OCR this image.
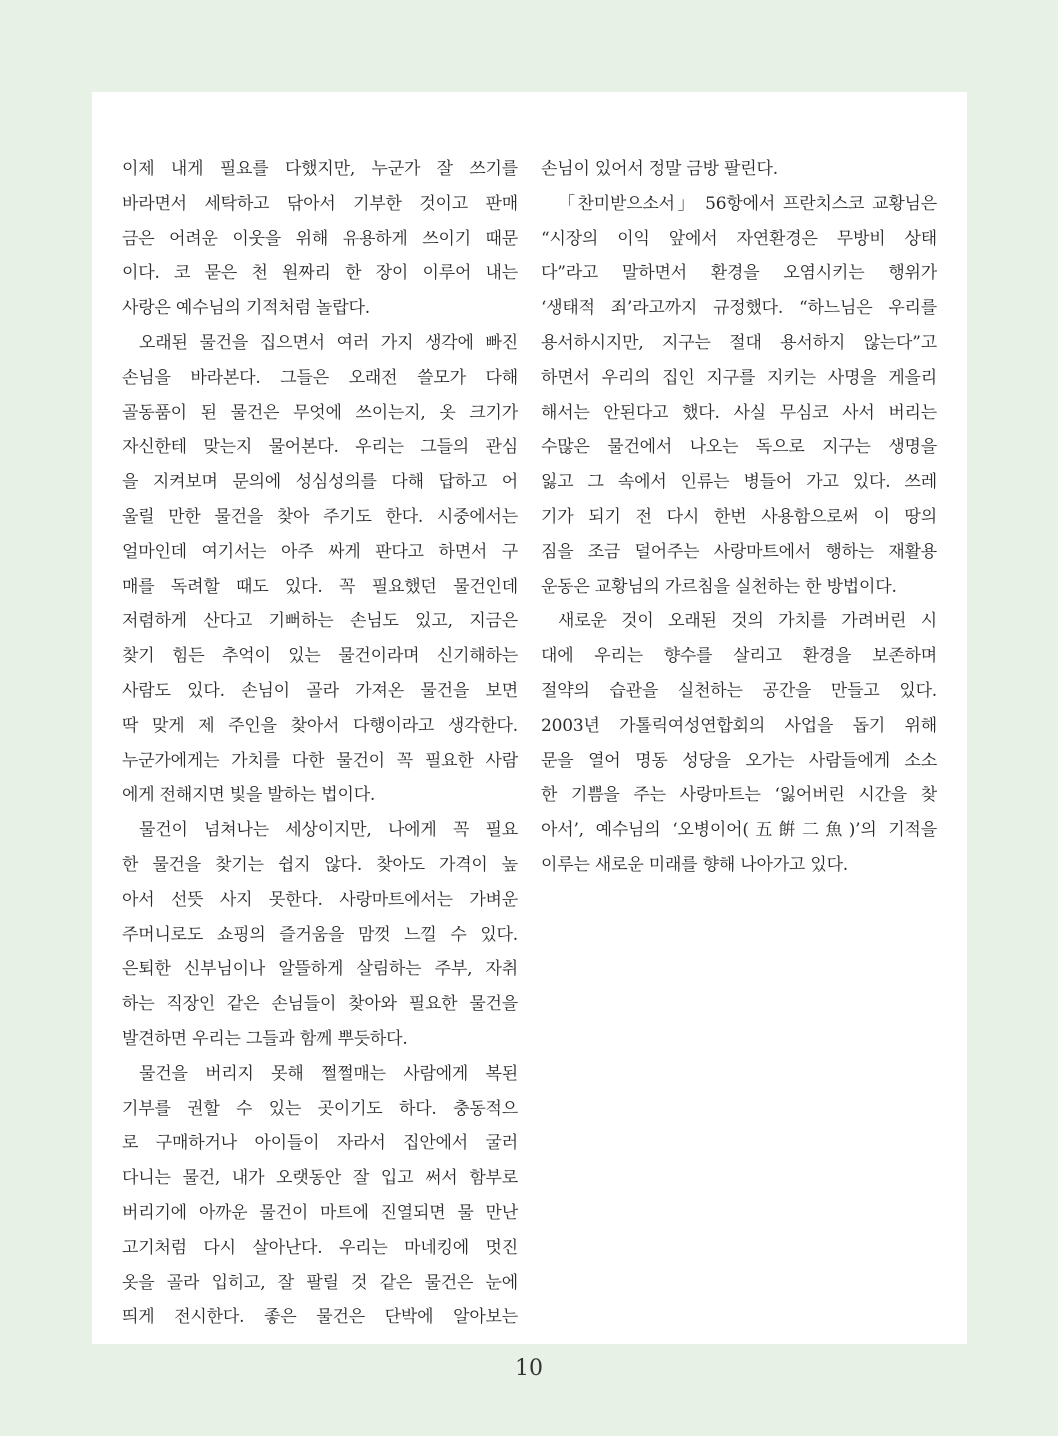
이제 내게 필요를 다했지만, 누군가 잘 쓰기를
바라면서 세탁하고 닦아서 기부한 것이고 판매
금은 어려운 이웃을 위해 유용하게 쓰이기 때문
이다. 코 묻은 천 원짜리 한 장이 이루어 내는
사랑은 예수님의 기적처럼 놀랍다.
오래된 물건을 집으면서 여러 가지 생각에 빠진
손님을 바라본다. 그들은 오래전 쓸모가 다해
골동품이 된 물건은 무엇에 쓰이는지, 옷 크기가
자신한테 맞는지 물어본다. 우리는 그들의 관심
을 지켜보며 문의에 성심성의를 다해 답하고 어
울릴 만한 물건을 찾아 주기도 한다. 시중에서는
얼마인데 여기서는 아주 싸게 판다고 하면서 구
매를 독려할 때도 있다. 꼭 필요했던 물건인데
저렴하게 산다고 기뻐하는 손님도 있고, 지금은
찾기 힘든 추억이 있는 물건이라며 신기해하는
사람도 있다. 손님이 골라 가져온 물건을 보면
딱 맞게 제 주인을 찾아서 다행이라고 생각한다.
누군가에게는 가치를 다한 물건이 꼭 필요한 사람
에게 전해지면 빛을 발하는 법이다.
물건이 넘쳐나는 세상이지만, 나에게 꼭 필요
한 물건을 찾기는 쉽지 않다. 찾아도 가격이 높
아서 선뜻 사지 못한다. 사랑마트에서는 가벼운
주머니로도 쇼핑의 즐거움을 맘껏 느낄 수 있다.
은퇴한 신부님이나 알뜰하게 살림하는 주부, 자취
하는 직장인 같은 손님들이 찾아와 필요한 물건을
발견하면 우리는 그들과 함께 뿌듯하다.
물건을 버리지 못해 쩔쩔매는 사람에게 복된
기부를 권할 수 있는 곳이기도 하다. 충동적으
로 구매하거나 아이들이 자라서 집안에서 굴러
다니는 물건, 내가 오랫동안 잘 입고 써서 함부로
버리기에 아까운 물건이 마트에 진열되면 물 만난
고기처럼 다시 살아난다. 우리는 마네킹에 멋진
옷을 골라 입히고, 잘 팔릴 것 같은 물건은 눈에
띄게 전시한다. 좋은 물건은 단박에 알아보는
손님이 있어서 정말 금방 팔린다.
「찬미받으소서」 56항에서 프란치스코 교황님은
“시장의 이익 앞에서 자연환경은 무방비 상태
다”라고 말하면서 환경을 오염시키는 행위가
‘생태적 죄’라고까지 규정했다. “하느님은 우리를
용서하시지만, 지구는 절대 용서하지 않는다”고
하면서 우리의 집인 지구를 지키는 사명을 게을리
해서는 안된다고 했다. 사실 무심코 사서 버리는
수많은 물건에서 나오는 독으로 지구는 생명을
잃고 그 속에서 인류는 병들어 가고 있다. 쓰레
기가 되기 전 다시 한번 사용함으로써 이 땅의
짐을 조금 덜어주는 사랑마트에서 행하는 재활용
운동은 교황님의 가르침을 실천하는 한 방법이다.
새로운 것이 오래된 것의 가치를 가려버린 시
대에 우리는 향수를 살리고 환경을 보존하며
절약의 습관을 실천하는 공간을 만들고 있다.
2003년 가톨릭여성연합회의 사업을 돕기 위해
문을 열어 명동 성당을 오가는 사람들에게 소소
한 기쁨을 주는 사랑마트는 ‘잃어버린 시간을 찾
아서’, 예수님의 ‘오병이어(五餠二魚)’의 기적을
이루는 새로운 미래를 향해 나아가고 있다.
10
